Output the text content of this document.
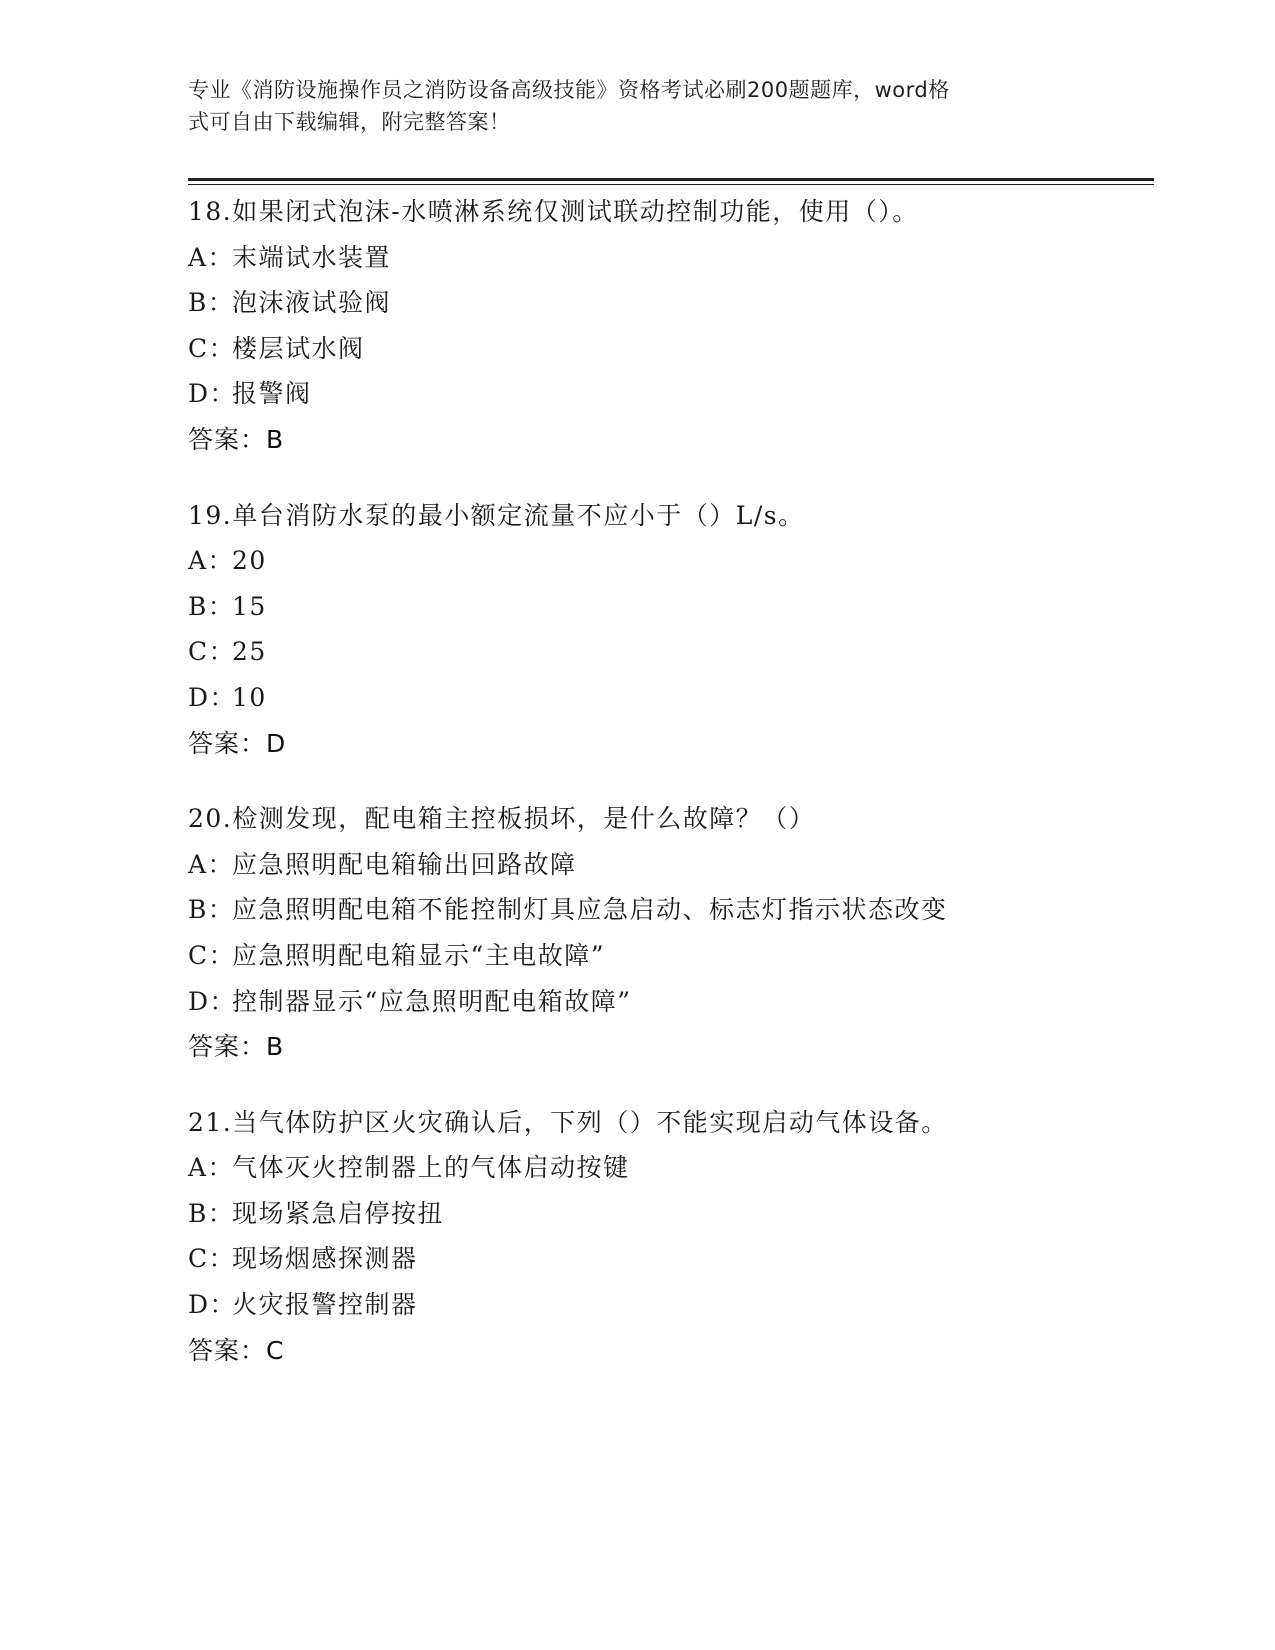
专业《消防设施操作员之消防设备高级技能》资格考试必刷200题题库，word格
式可自由下载编辑，附完整答案！
18.如果闭式泡沫-水喷淋系统仅测试联动控制功能，使用（）。
A：末端试水装置
B：泡沫液试验阀
C：楼层试水阀
D：报警阀
答案：B
19.单台消防水泵的最小额定流量不应小于（）L/s。
A：20
B：15
C：25
D：10
答案：D
20.检测发现，配电箱主控板损坏，是什么故障？（）
A：应急照明配电箱输出回路故障
B：应急照明配电箱不能控制灯具应急启动、标志灯指示状态改变
C：应急照明配电箱显示“主电故障”
D：控制器显示“应急照明配电箱故障”
答案：B
21.当气体防护区火灾确认后，下列（）不能实现启动气体设备。
A：气体灭火控制器上的气体启动按键
B：现场紧急启停按扭
C：现场烟感探测器
D：火灾报警控制器
答案：C
